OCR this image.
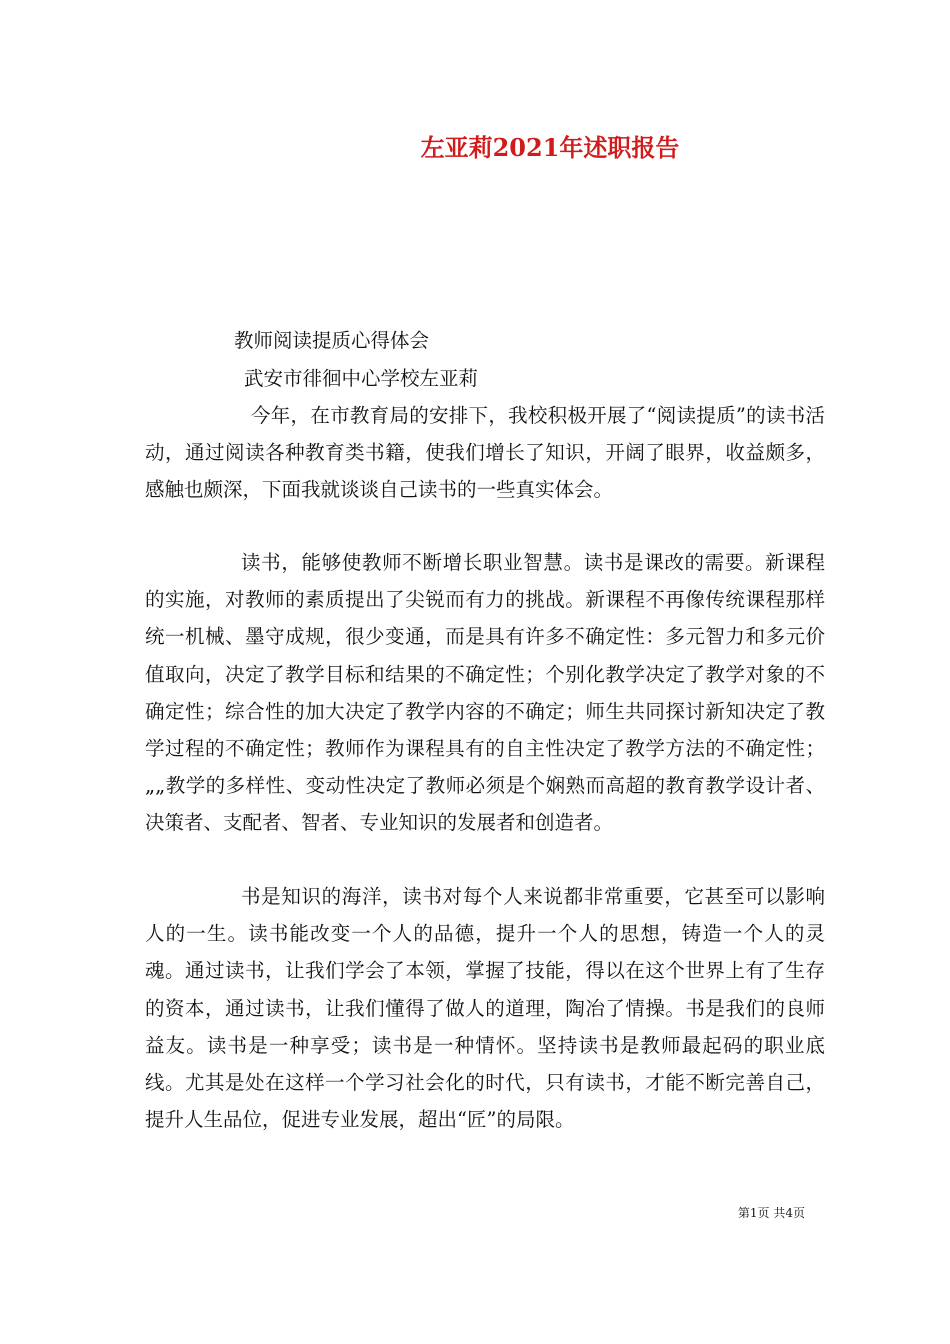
左亚莉2021年述职报告
教师阅读提质心得体会
武安市徘徊中心学校左亚莉
今年，在市教育局的安排下，我校积极开展了“阅读提质”的读书活动，通过阅读各种教育类书籍，使我们增长了知识，开阔了眼界，收益颇多，感触也颇深，下面我就谈谈自己读书的一些真实体会。
读书，能够使教师不断增长职业智慧。读书是课改的需要。新课程的实施，对教师的素质提出了尖锐而有力的挑战。新课程不再像传统课程那样统一机械、墨守成规，很少变通，而是具有许多不确定性：多元智力和多元价值取向，决定了教学目标和结果的不确定性；个别化教学决定了教学对象的不确定性；综合性的加大决定了教学内容的不确定；师生共同探讨新知决定了教学过程的不确定性；教师作为课程具有的自主性决定了教学方法的不确定性；„„教学的多样性、变动性决定了教师必须是个娴熟而高超的教育教学设计者、决策者、支配者、智者、专业知识的发展者和创造者。
书是知识的海洋，读书对每个人来说都非常重要，它甚至可以影响人的一生。读书能改变一个人的品德，提升一个人的思想，铸造一个人的灵魂。通过读书，让我们学会了本领，掌握了技能，得以在这个世界上有了生存的资本，通过读书，让我们懂得了做人的道理，陶冶了情操。书是我们的良师益友。读书是一种享受；读书是一种情怀。坚持读书是教师最起码的职业底线。尤其是处在这样一个学习社会化的时代，只有读书，才能不断完善自己，提升人生品位，促进专业发展，超出“匠”的局限。
第1页 共4页
